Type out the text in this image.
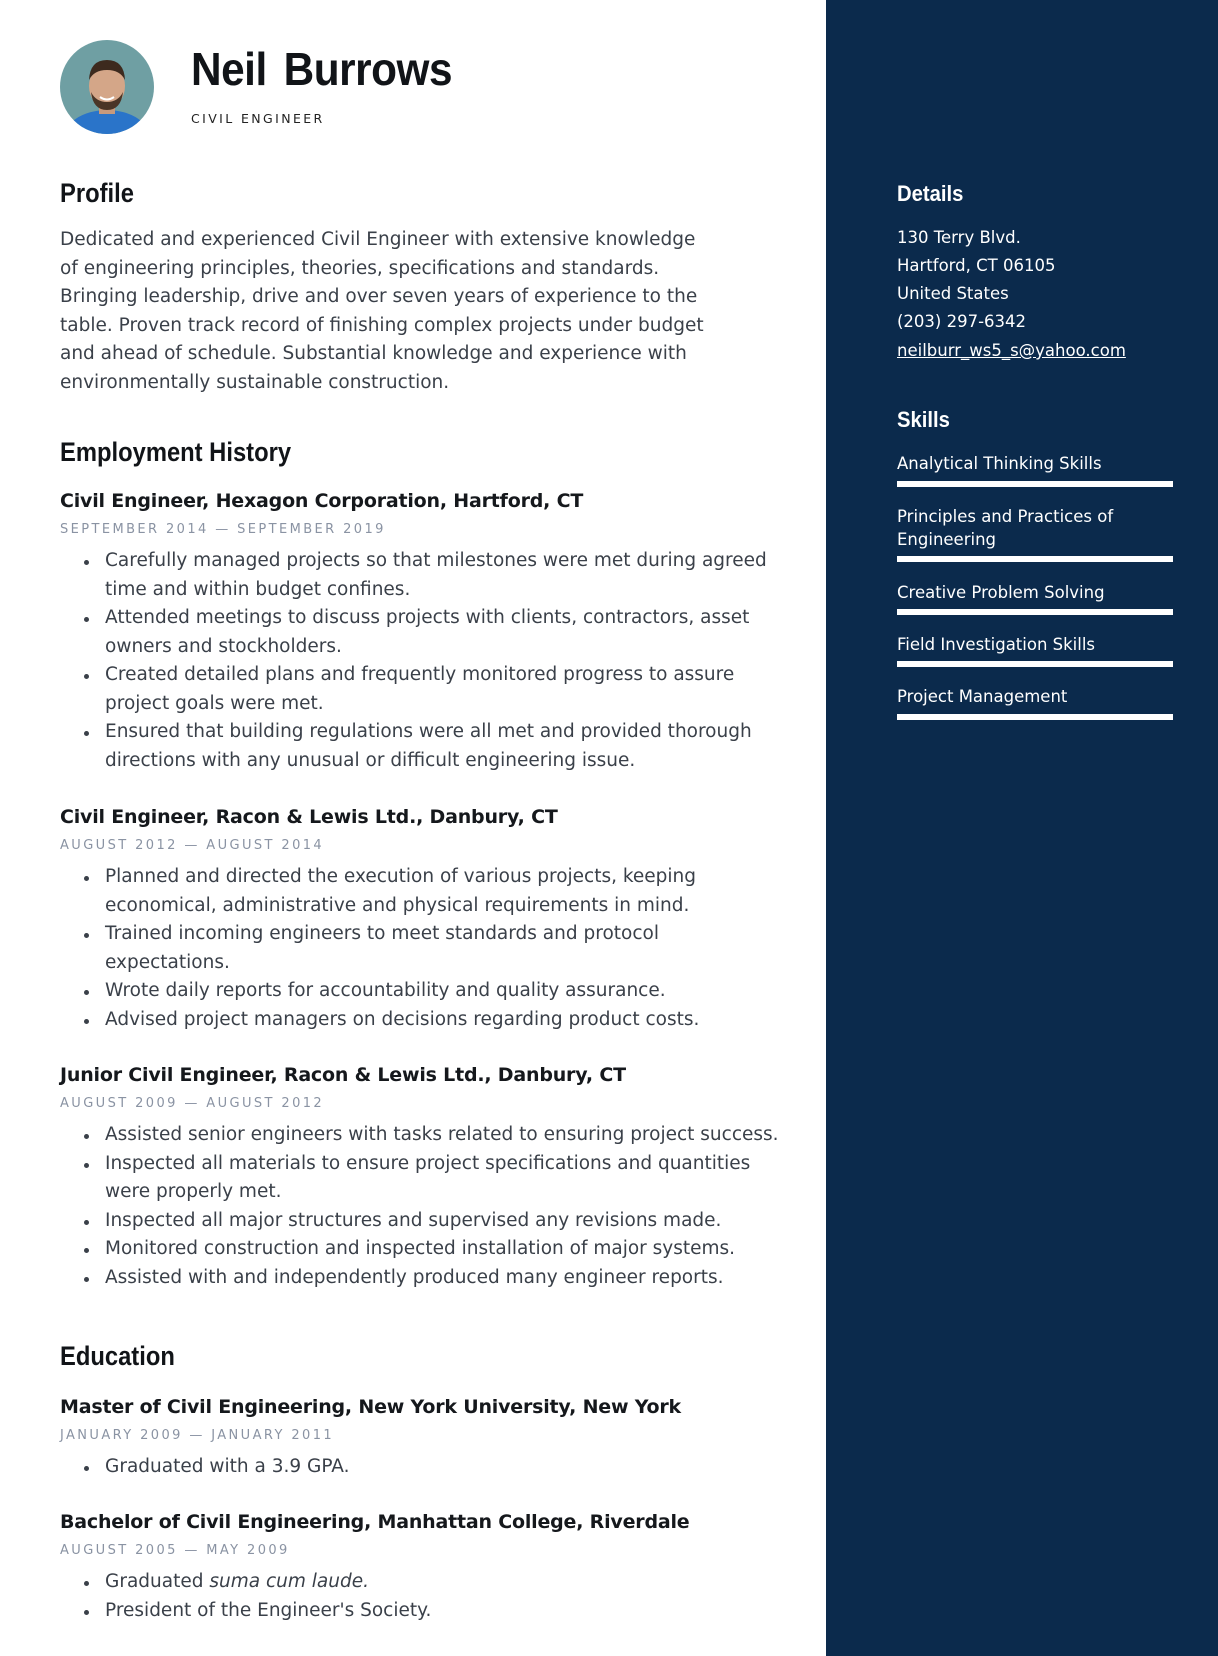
Neil Burrows
CIVIL ENGINEER
Profile

Dedicated and experienced Civil Engineer with extensive knowledge of engineering principles, theories, specifications and standards. Bringing leadership, drive and over seven years of experience to the table. Proven track record of finishing complex projects under budget and ahead of schedule. Substantial knowledge and experience with environmentally sustainable construction.

Employment History

Civil Engineer, Hexagon Corporation, Hartford, CT

SEPTEMBER 2014 — SEPTEMBER 2019

Carefully managed projects so that milestones were met during agreed time and within budget confines.
Attended meetings to discuss projects with clients, contractors, asset owners and stockholders.
Created detailed plans and frequently monitored progress to assure project goals were met.
Ensured that building regulations were all met and provided thorough directions with any unusual or difficult engineering issue.

Civil Engineer, Racon & Lewis Ltd., Danbury, CT

AUGUST 2012 — AUGUST 2014

Planned and directed the execution of various projects, keeping economical, administrative and physical requirements in mind.
Trained incoming engineers to meet standards and protocol expectations.
Wrote daily reports for accountability and quality assurance.
Advised project managers on decisions regarding product costs.

Junior Civil Engineer, Racon & Lewis Ltd., Danbury, CT

AUGUST 2009 — AUGUST 2012

Assisted senior engineers with tasks related to ensuring project success.
Inspected all materials to ensure project specifications and quantities were properly met.
Inspected all major structures and supervised any revisions made.
Monitored construction and inspected installation of major systems.
Assisted with and independently produced many engineer reports.
Education

Master of Civil Engineering, New York University, New York

JANUARY 2009 — JANUARY 2011

Graduated with a 3.9 GPA.

Bachelor of Civil Engineering, Manhattan College, Riverdale

AUGUST 2005 — MAY 2009

Graduated suma cum laude.
President of the Engineer's Society.
Details

130 Terry Blvd.

Hartford, CT 06105

United States

(203) 297-6342

neilburr_ws5_s@yahoo.com

Skills
Analytical Thinking Skills
Principles and Practices of Engineering
Creative Problem Solving
Field Investigation Skills
Project Management
